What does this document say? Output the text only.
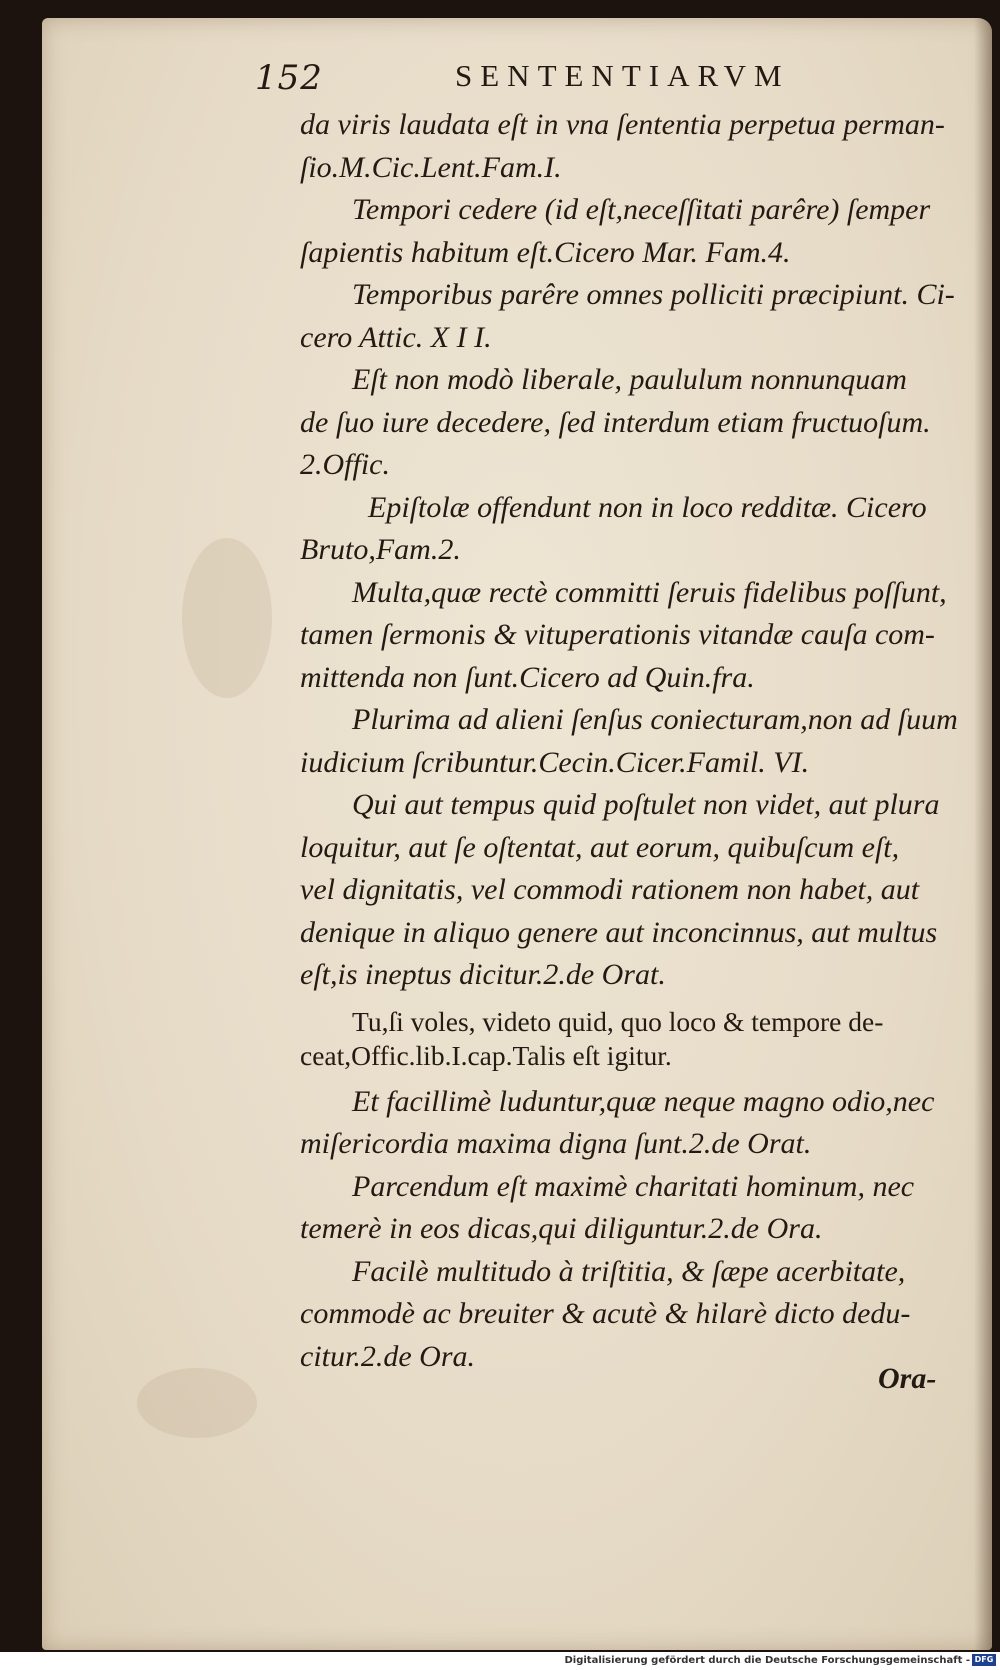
152	SENTENTIARVM
da viris laudata eſt in vna ſententia perpetua perman-
ſio.M.Cic.Lent.Fam.I.
Tempori cedere (id eſt,neceſſitati parêre) ſemper
ſapientis habitum eſt.Cicero Mar. Fam.4.
Temporibus parêre omnes polliciti præcipiunt. Ci-
cero Attic. X I I.
Eſt non modò liberale, paululum nonnunquam
de ſuo iure decedere, ſed interdum etiam fructuoſum.
2.Offic.
Epiſtolæ offendunt non in loco redditæ. Cicero
Bruto,Fam.2.
Multa,quæ rectè committi ſeruis fidelibus poſſunt,
tamen ſermonis & vituperationis vitandæ cauſa com-
mittenda non ſunt.Cicero ad Quin.fra.
Plurima ad alieni ſenſus coniecturam,non ad ſuum
iudicium ſcribuntur.Cecin.Cicer.Famil. VI.
Qui aut tempus quid poſtulet non videt, aut plura
loquitur, aut ſe oſtentat, aut eorum, quibuſcum eſt,
vel dignitatis, vel commodi rationem non habet, aut
denique in aliquo genere aut inconcinnus, aut multus
eſt,is ineptus dicitur.2.de Orat.
Tu,ſi voles, videto quid, quo loco & tempore de-
ceat,Offic.lib.I.cap.Talis eſt igitur.
Et facillimè luduntur,quæ neque magno odio,nec
miſericordia maxima digna ſunt.2.de Orat.
Parcendum eſt maximè charitati hominum, nec
temerè in eos dicas,qui diliguntur.2.de Ora.
Facilè multitudo à triſtitia, & ſæpe acerbitate,
commodè ac breuiter & acutè & hilarè dicto dedu-
citur.2.de Ora.
Ora-
Digitalisierung gefördert durch die Deutsche Forschungsgemeinschaft - DFG
